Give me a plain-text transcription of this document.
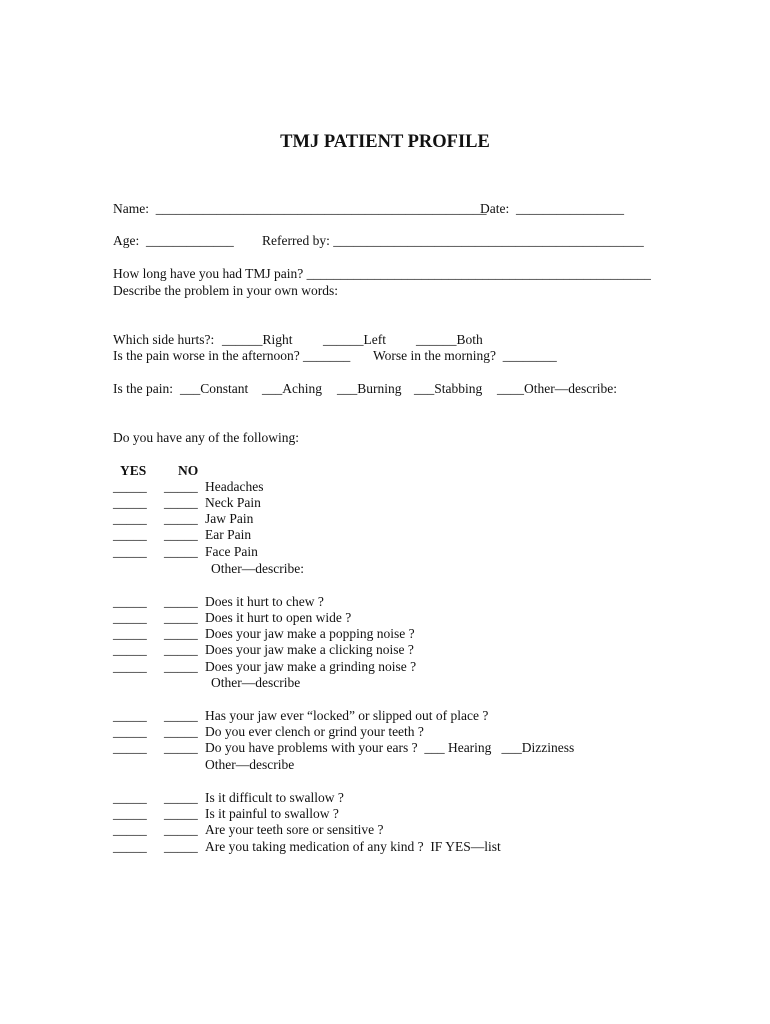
TMJ PATIENT PROFILE
Name:  _________________________________________________
Date:  ________________
Age:  _____________ Referred by: ______________________________________________
How long have you had TMJ pain? ___________________________________________________
Describe the problem in your own words:
Which side hurts?: ______Right ______Left ______Both
Is the pain worse in the afternoon? _______ Worse in the morning?  ________
Is the pain: ___Constant ___Aching ___Burning ___Stabbing ____Other—describe:
Do you have any of the following:
YES NO
_____ _____ Headaches
_____ _____ Neck Pain
_____ _____ Jaw Pain
_____ _____ Ear Pain
_____ _____ Face Pain
Other—describe:
_____ _____ Does it hurt to chew ?
_____ _____ Does it hurt to open wide ?
_____ _____ Does your jaw make a popping noise ?
_____ _____ Does your jaw make a clicking noise ?
_____ _____ Does your jaw make a grinding noise ?
Other—describe
_____ _____ Has your jaw ever “locked” or slipped out of place ?
_____ _____ Do you ever clench or grind your teeth ?
_____ _____ Do you have problems with your ears ?  ___ Hearing   ___Dizziness
Other—describe
_____ _____ Is it difficult to swallow ?
_____ _____ Is it painful to swallow ?
_____ _____ Are your teeth sore or sensitive ?
_____ _____ Are you taking medication of any kind ?  IF YES—list
